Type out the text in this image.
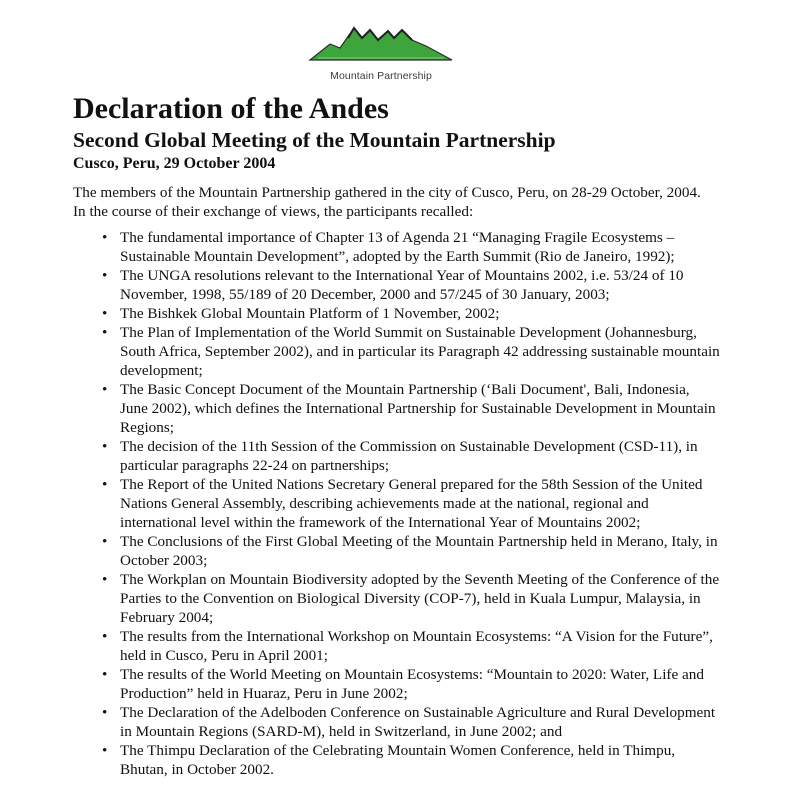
Mountain Partnership
Declaration of the Andes
Second Global Meeting of the Mountain Partnership
Cusco, Peru, 29 October 2004

The members of the Mountain Partnership gathered in the city of Cusco, Peru, on 28-29 October, 2004. In the course of their exchange of views, the participants recalled:

• The fundamental importance of Chapter 13 of Agenda 21 “Managing Fragile Ecosystems – Sustainable Mountain Development”, adopted by the Earth Summit (Rio de Janeiro, 1992);
• The UNGA resolutions relevant to the International Year of Mountains 2002, i.e. 53/24 of 10 November, 1998, 55/189 of 20 December, 2000 and 57/245 of 30 January, 2003;
• The Bishkek Global Mountain Platform of 1 November, 2002;
• The Plan of Implementation of the World Summit on Sustainable Development (Johannesburg, South Africa, September 2002), and in particular its Paragraph 42 addressing sustainable mountain development;
• The Basic Concept Document of the Mountain Partnership (‘Bali Document', Bali, Indonesia, June 2002), which defines the International Partnership for Sustainable Development in Mountain Regions;
• The decision of the 11th Session of the Commission on Sustainable Development (CSD-11), in particular paragraphs 22-24 on partnerships;
• The Report of the United Nations Secretary General prepared for the 58th Session of the United Nations General Assembly, describing achievements made at the national, regional and international level within the framework of the International Year of Mountains 2002;
• The Conclusions of the First Global Meeting of the Mountain Partnership held in Merano, Italy, in October 2003;
• The Workplan on Mountain Biodiversity adopted by the Seventh Meeting of the Conference of the Parties to the Convention on Biological Diversity (COP-7), held in Kuala Lumpur, Malaysia, in February 2004;
• The results from the International Workshop on Mountain Ecosystems: “A Vision for the Future”, held in Cusco, Peru in April 2001;
• The results of the World Meeting on Mountain Ecosystems: “Mountain to 2020: Water, Life and Production” held in Huaraz, Peru in June 2002;
• The Declaration of the Adelboden Conference on Sustainable Agriculture and Rural Development in Mountain Regions (SARD-M), held in Switzerland, in June 2002; and
• The Thimpu Declaration of the Celebrating Mountain Women Conference, held in Thimpu, Bhutan, in October 2002.
